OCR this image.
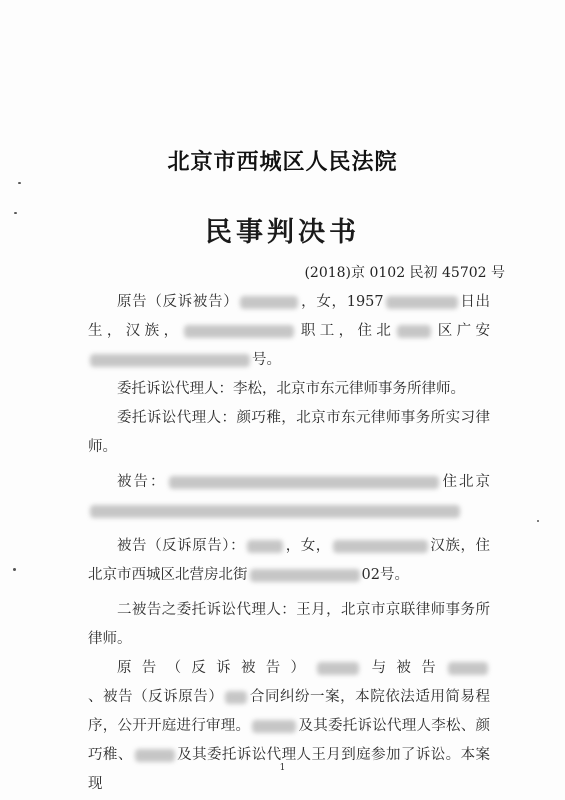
北京市西城区人民法院
民事判决书
(2018)京 0102 民初 45702 号

原告（反诉被告）	，女，1957	日出生，汉族，	职工，住北	区广安号。

委托诉讼代理人：李松，北京市东元律师事务所律师。

委托诉讼代理人：颜巧稚，北京市东元律师事务所实习律师。

被告：	住北京

被告（反诉原告）：	，女，	汉族，住北京市西城区北营房北街	02号。

二被告之委托诉讼代理人：王月，北京市京联律师事务所律师。

原告（反诉被告）	与被告、被告（反诉原告） 合同纠纷一案，本院依法适用简易程序，公开开庭进行审理。	及其委托诉讼代理人李松、颜巧稚、	及其委托诉讼代理人王月到庭参加了诉讼。本案现

1
